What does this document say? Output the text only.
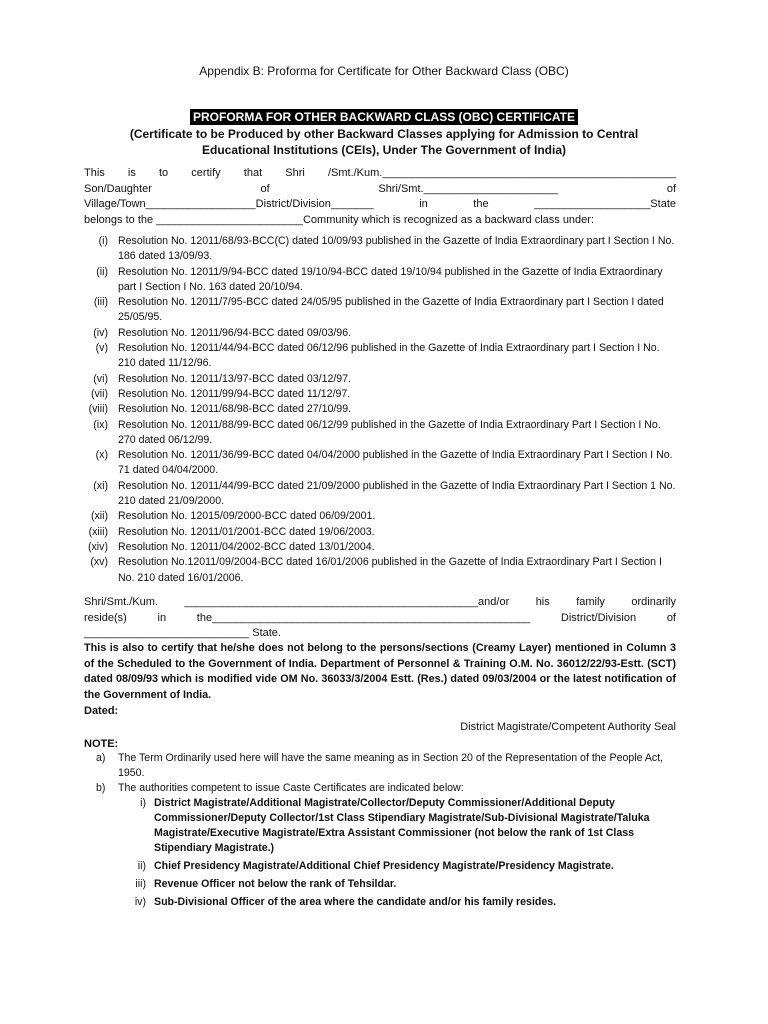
Appendix B: Proforma for Certificate for Other Backward Class (OBC)
PROFORMA FOR OTHER BACKWARD CLASS (OBC) CERTIFICATE
(Certificate to be Produced by other Backward Classes applying for Admission to Central
Educational Institutions (CEIs), Under The Government of India)
This is to certify that Shri /Smt./Kum.________________________________________________
Son/Daughter of Shri/Smt.______________________ of
Village/Town__________________District/Division_______ in the ___________________State
belongs to the ________________________Community which is recognized as a backward class under:
(i) Resolution No. 12011/68/93-BCC(C) dated 10/09/93 published in the Gazette of India Extraordinary part I Section I No. 186 dated 13/09/93.
(ii) Resolution No. 12011/9/94-BCC dated 19/10/94-BCC dated 19/10/94 published in the Gazette of India Extraordinary part I Section I No. 163 dated 20/10/94.
(iii) Resolution No. 12011/7/95-BCC dated 24/05/95 published in the Gazette of India Extraordinary part I Section I dated 25/05/95.
(iv) Resolution No. 12011/96/94-BCC dated 09/03/96.
(v) Resolution No. 12011/44/94-BCC dated 06/12/96 published in the Gazette of India Extraordinary part I Section I No. 210 dated 11/12/96.
(vi) Resolution No. 12011/13/97-BCC dated 03/12/97.
(vii) Resolution No. 12011/99/94-BCC dated 11/12/97.
(viii) Resolution No. 12011/68/98-BCC dated 27/10/99.
(ix) Resolution No. 12011/88/99-BCC dated 06/12/99 published in the Gazette of India Extraordinary Part I Section I No. 270 dated 06/12/99.
(x) Resolution No. 12011/36/99-BCC dated 04/04/2000 published in the Gazette of India Extraordinary Part I Section I No. 71 dated 04/04/2000.
(xi) Resolution No. 12011/44/99-BCC dated 21/09/2000 published in the Gazette of India Extraordinary Part I Section 1 No. 210 dated 21/09/2000.
(xii) Resolution No. 12015/09/2000-BCC dated 06/09/2001.
(xiii) Resolution No. 12011/01/2001-BCC dated 19/06/2003.
(xiv) Resolution No. 12011/04/2002-BCC dated 13/01/2004.
(xv) Resolution No.12011/09/2004-BCC dated 16/01/2006 published in the Gazette of India Extraordinary Part I Section I No. 210 dated 16/01/2006.
Shri/Smt./Kum. ________________________________________________and/or his family ordinarily
reside(s) in the____________________________________________________ District/Division of
___________________________ State.
This is also to certify that he/she does not belong to the persons/sections (Creamy Layer) mentioned in Column 3 of the Scheduled to the Government of India. Department of Personnel & Training O.M. No. 36012/22/93-Estt. (SCT) dated 08/09/93 which is modified vide OM No. 36033/3/2004 Estt. (Res.) dated 09/03/2004 or the latest notification of the Government of India.
Dated:
District Magistrate/Competent Authority Seal
NOTE:
a) The Term Ordinarily used here will have the same meaning as in Section 20 of the Representation of the People Act, 1950.
b) The authorities competent to issue Caste Certificates are indicated below:
i) District Magistrate/Additional Magistrate/Collector/Deputy Commissioner/Additional Deputy Commissioner/Deputy Collector/1st Class Stipendiary Magistrate/Sub-Divisional Magistrate/Taluka Magistrate/Executive Magistrate/Extra Assistant Commissioner (not below the rank of 1st Class Stipendiary Magistrate.)
ii) Chief Presidency Magistrate/Additional Chief Presidency Magistrate/Presidency Magistrate.
iii) Revenue Officer not below the rank of Tehsildar.
iv) Sub-Divisional Officer of the area where the candidate and/or his family resides.
